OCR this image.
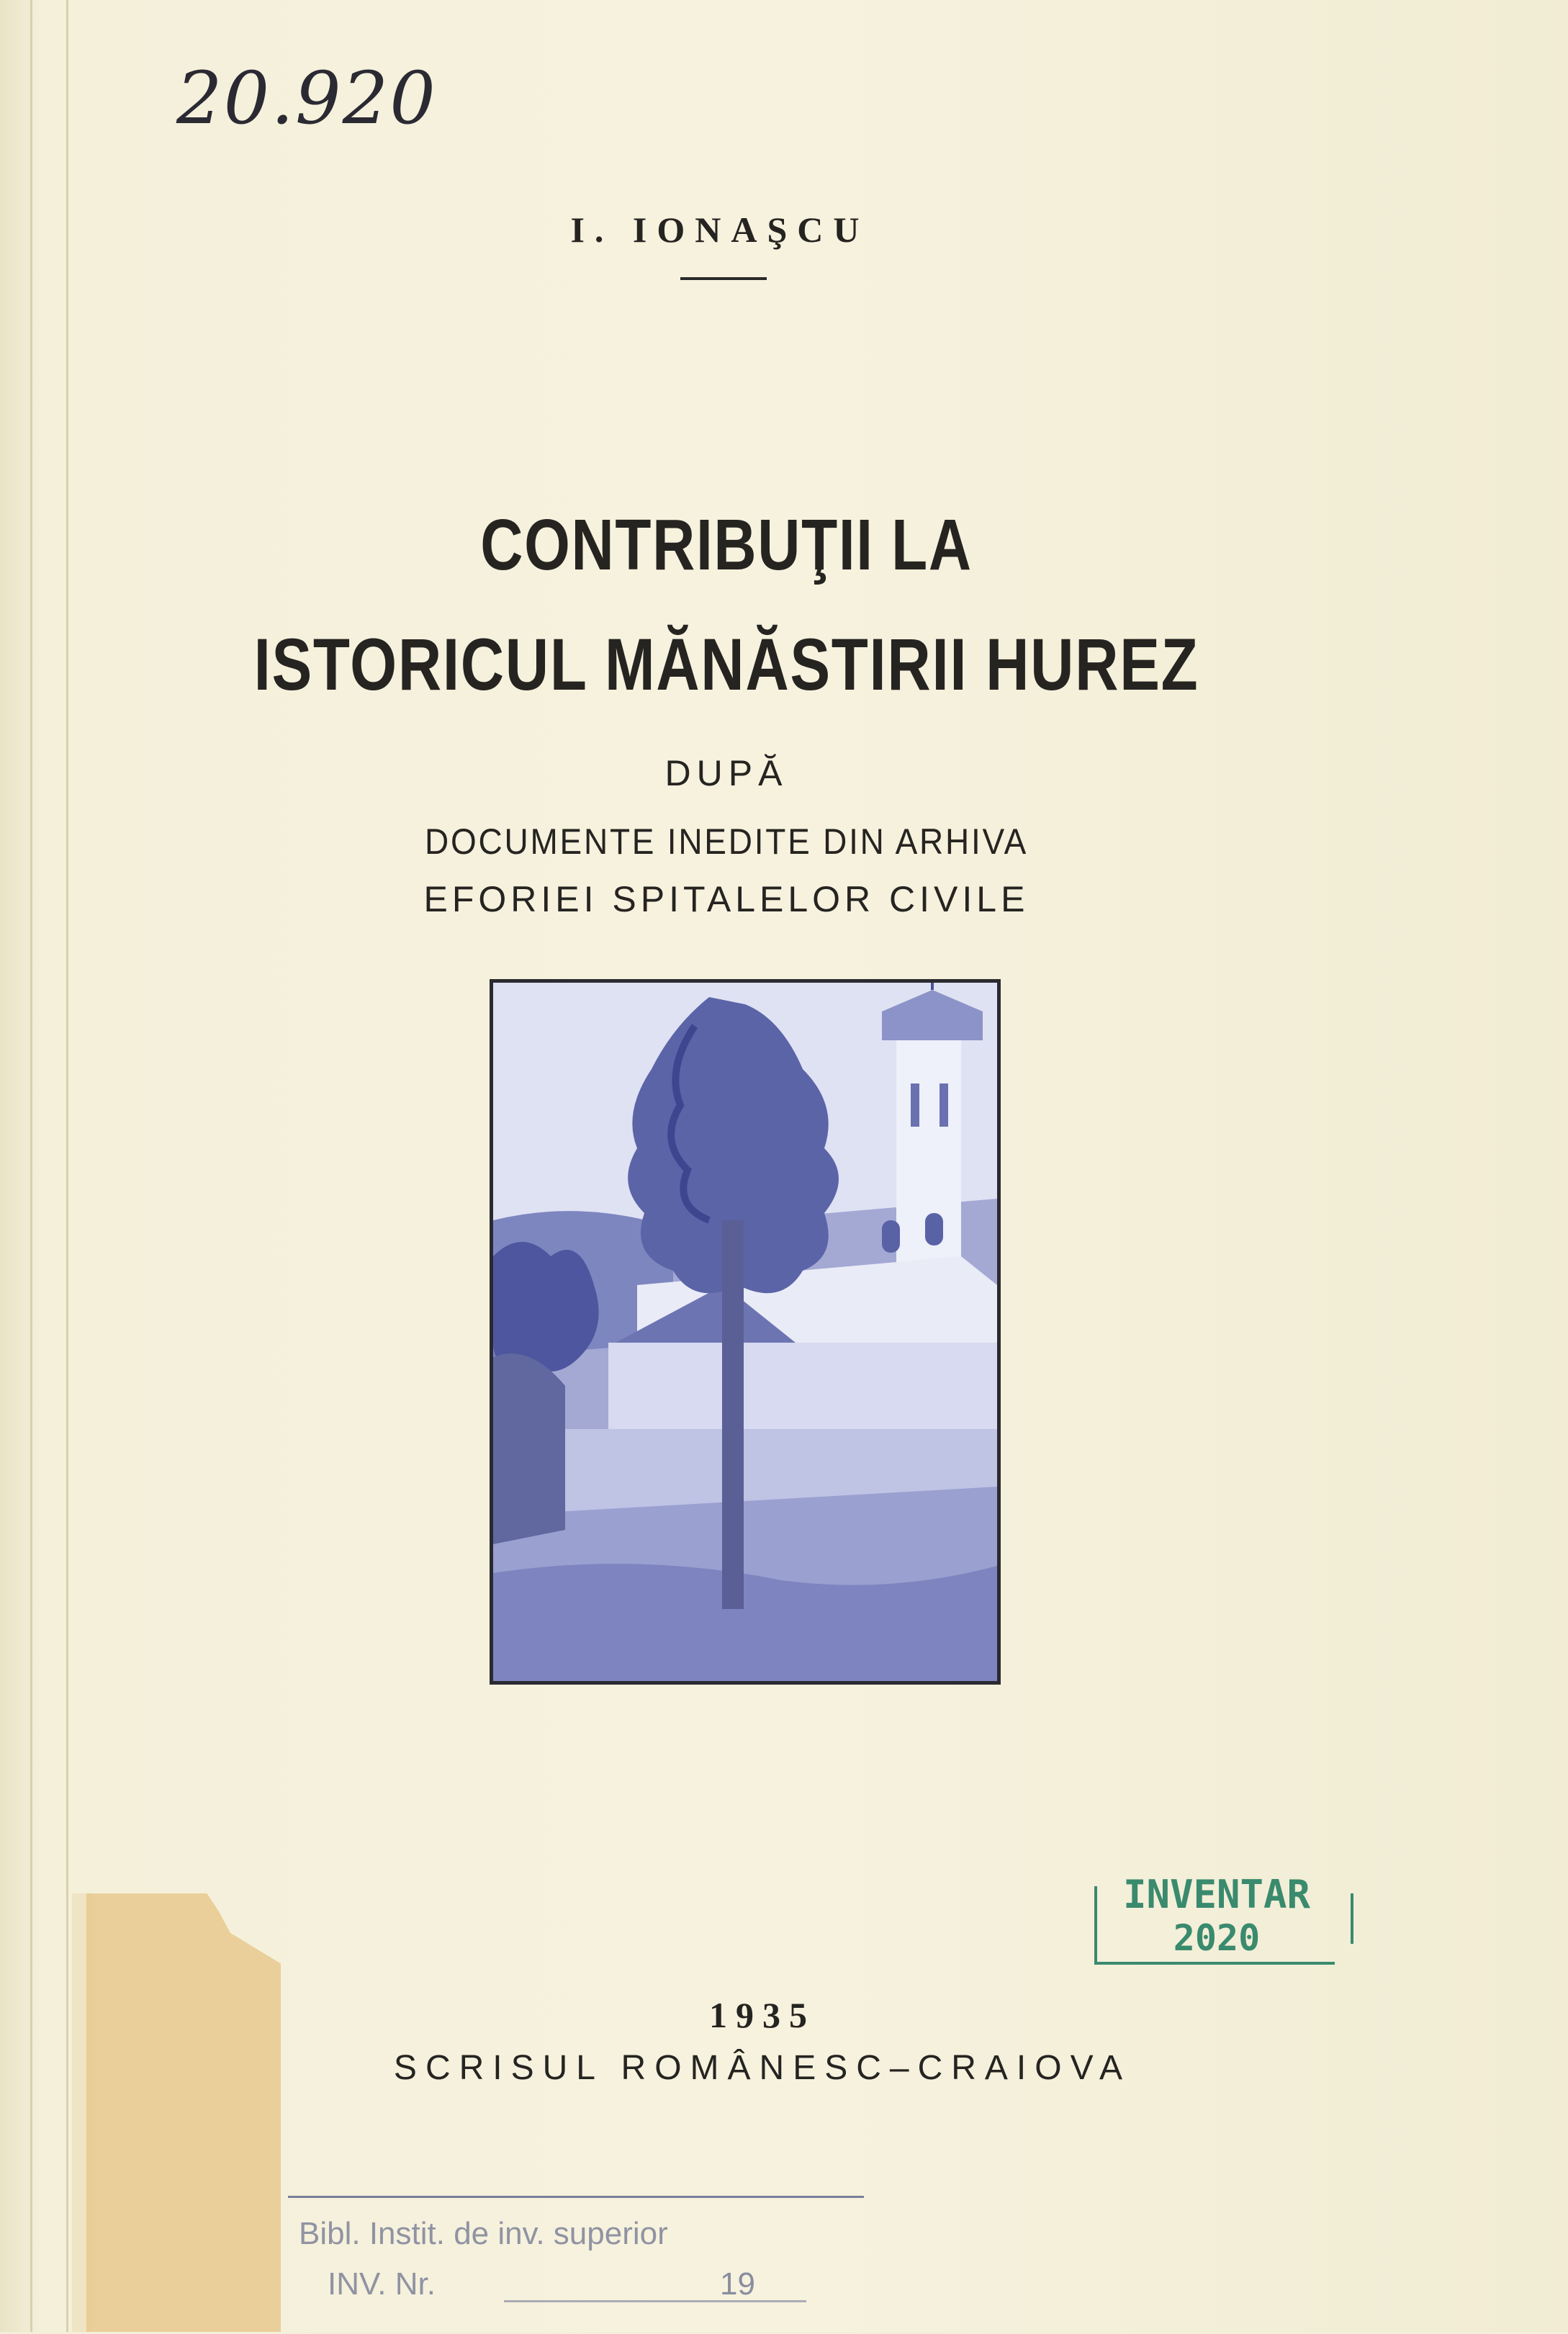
20.920
I. IONAŞCU
CONTRIBUŢII LA
ISTORICUL MĂNĂSTIRII HUREZ
DUPĂ
DOCUMENTE INEDITE DIN ARHIVA
EFORIEI SPITALELOR CIVILE
INVENTAR
2020
1935
SCRISUL ROMÂNESC–CRAIOVA
Bibl. Instit. de inv. superior
INV. Nr.	19
